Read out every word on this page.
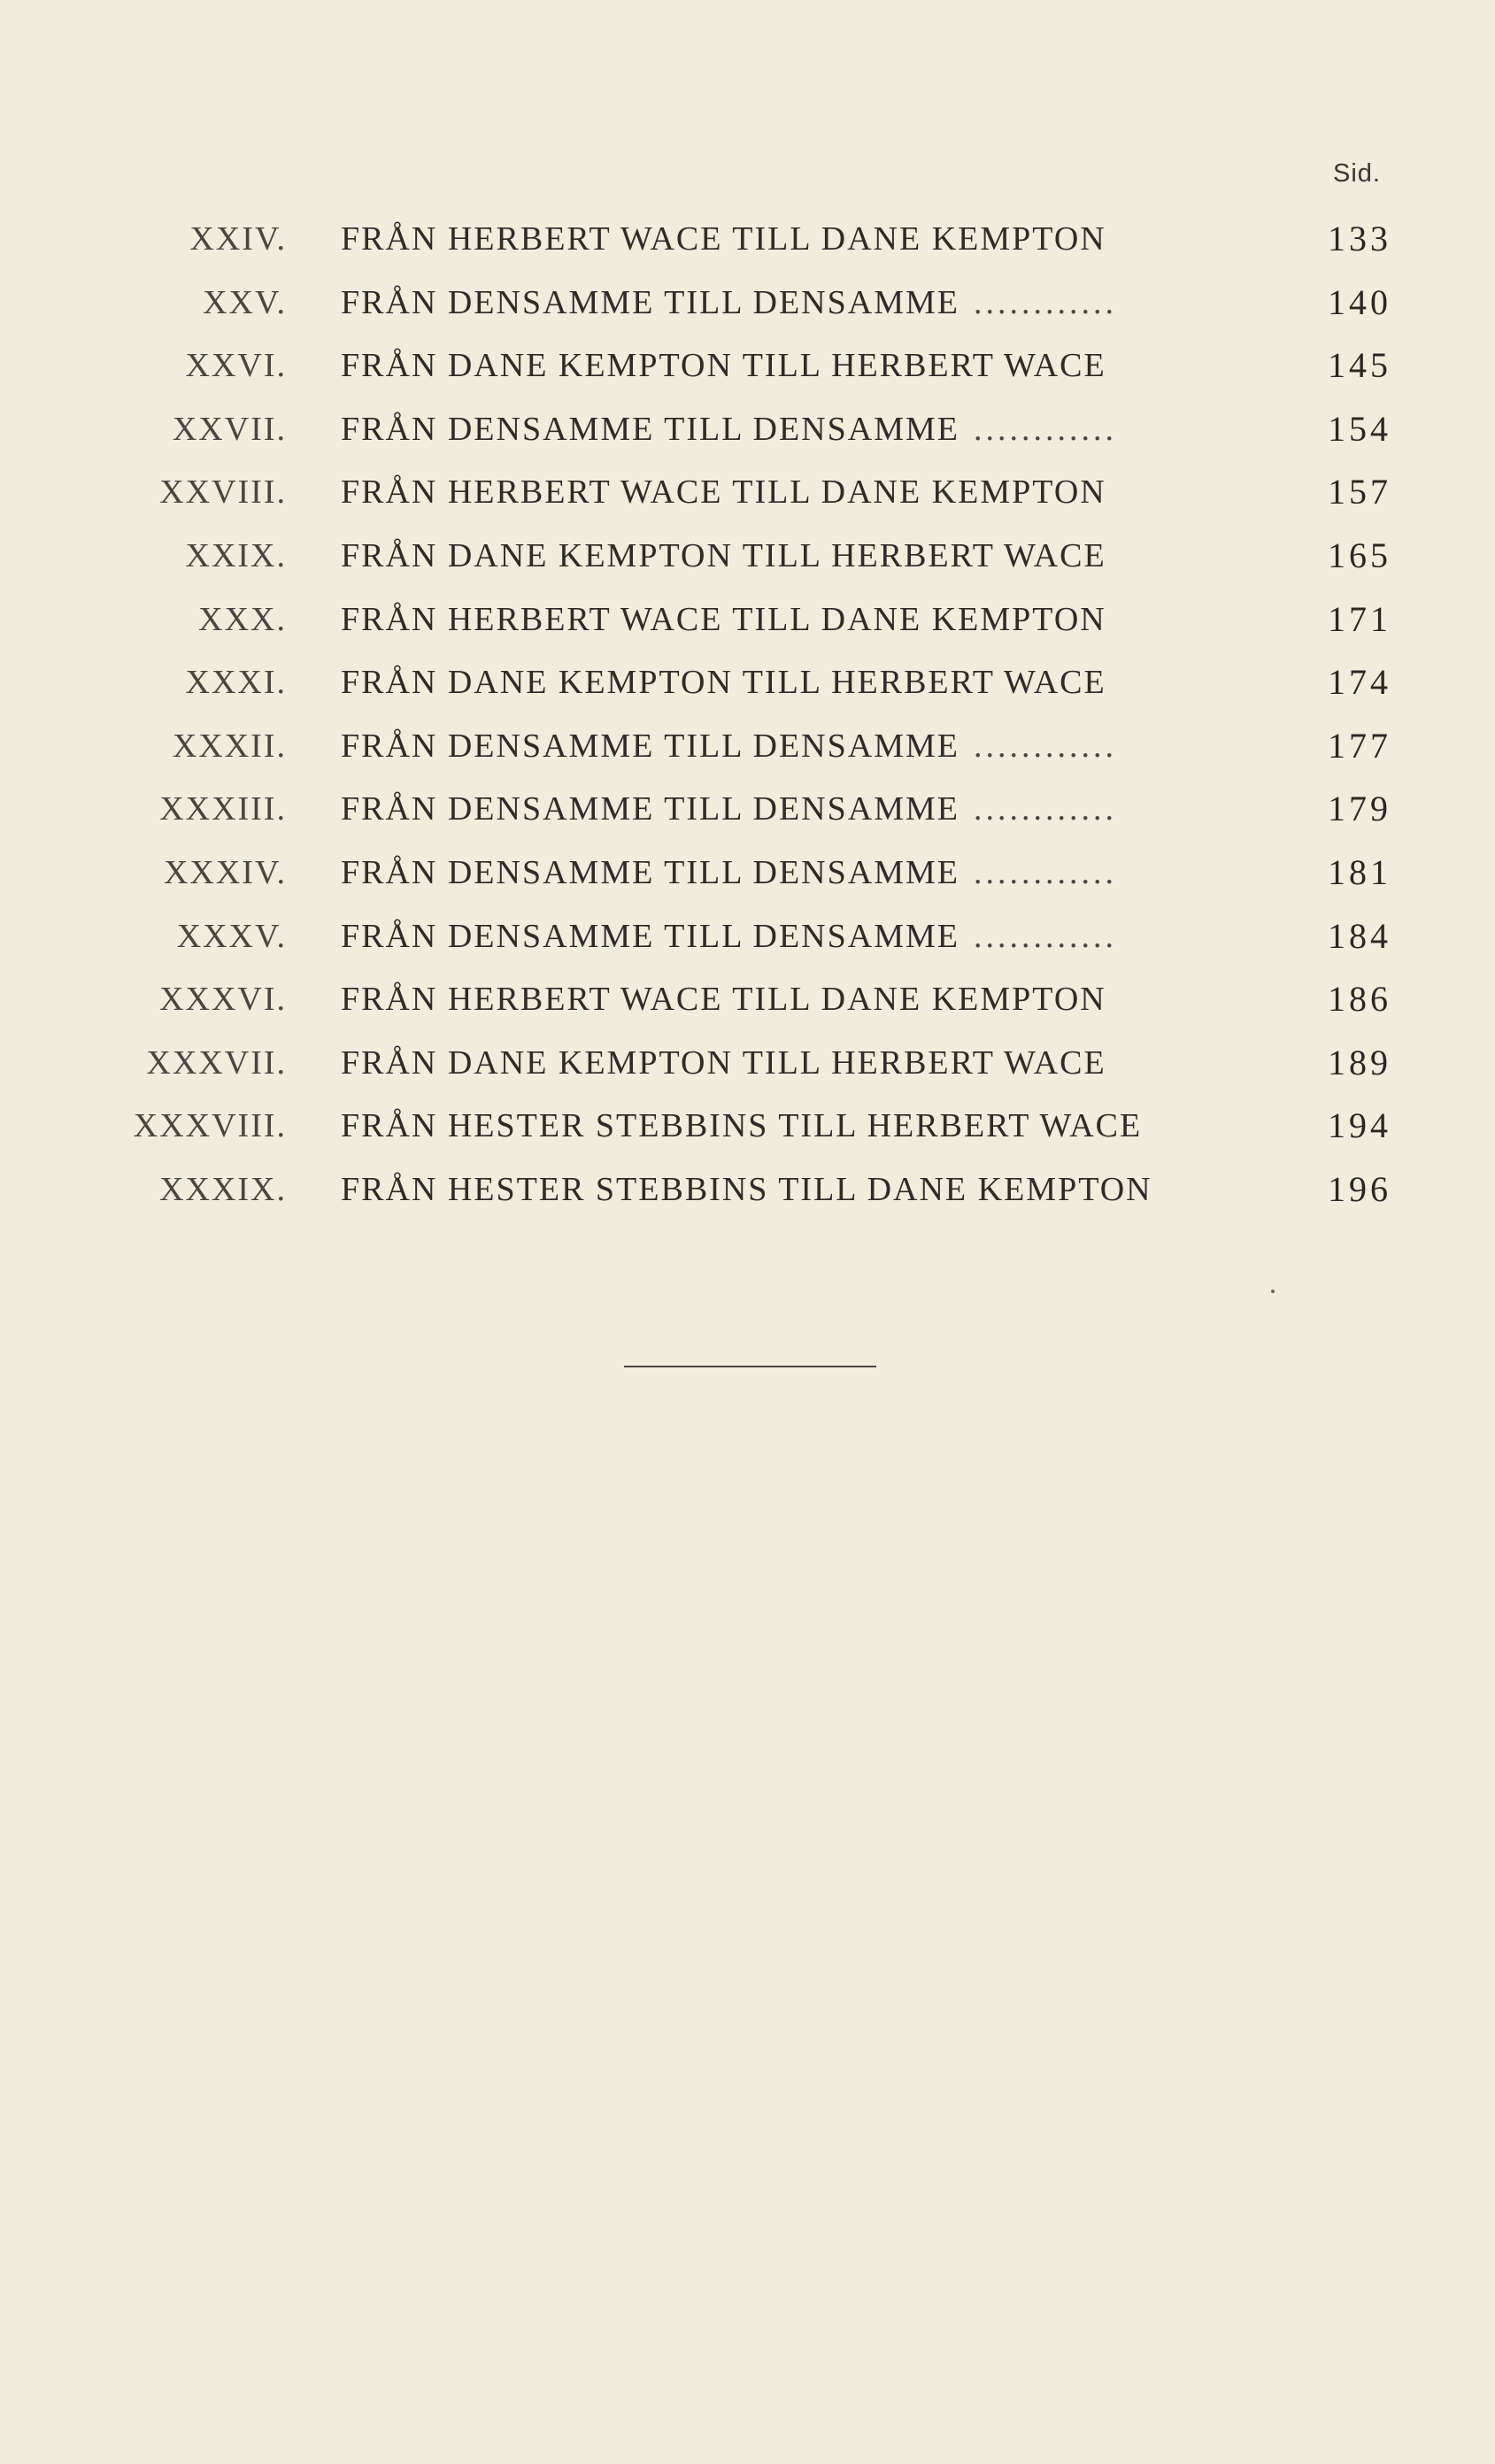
Sid.
XXIV. FRÅN HERBERT WACE TILL DANE KEMPTON	133
XXV. FRÅN DENSAMME TILL DENSAMME ............	140
XXVI. FRÅN DANE KEMPTON TILL HERBERT WACE	145
XXVII. FRÅN DENSAMME TILL DENSAMME ............	154
XXVIII. FRÅN HERBERT WACE TILL DANE KEMPTON	157
XXIX. FRÅN DANE KEMPTON TILL HERBERT WACE	165
XXX. FRÅN HERBERT WACE TILL DANE KEMPTON	171
XXXI. FRÅN DANE KEMPTON TILL HERBERT WACE	174
XXXII. FRÅN DENSAMME TILL DENSAMME ............	177
XXXIII. FRÅN DENSAMME TILL DENSAMME ............	179
XXXIV. FRÅN DENSAMME TILL DENSAMME ............	181
XXXV. FRÅN DENSAMME TILL DENSAMME ............	184
XXXVI. FRÅN HERBERT WACE TILL DANE KEMPTON	186
XXXVII. FRÅN DANE KEMPTON TILL HERBERT WACE	189
XXXVIII. FRÅN HESTER STEBBINS TILL HERBERT WACE	194
XXXIX. FRÅN HESTER STEBBINS TILL DANE KEMPTON	196
